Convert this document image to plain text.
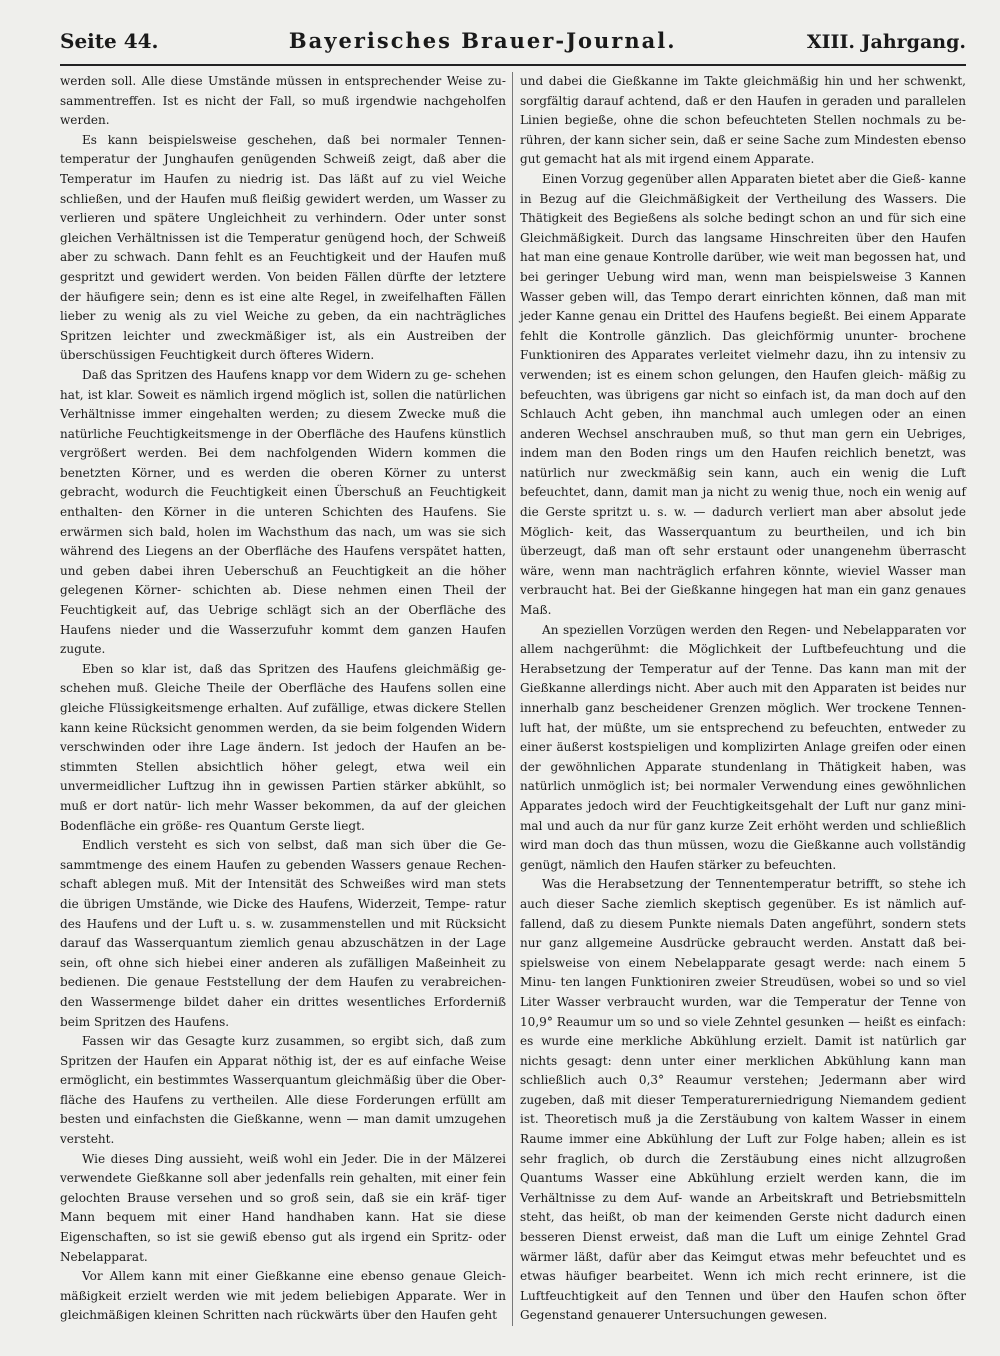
Seite 44.	Bayerisches Brauer-Journal.	XIII. Jahrgang.

werden soll. Alle diese Umstände müssen in entsprechender Weise zu- sammentreffen. Ist es nicht der Fall, so muß irgendwie nachgeholfen werden.

Es kann beispielsweise geschehen, daß bei normaler Tennen- temperatur der Junghaufen genügenden Schweiß zeigt, daß aber die Temperatur im Haufen zu niedrig ist. Das läßt auf zu viel Weiche schließen, und der Haufen muß fleißig gewidert werden, um Wasser zu verlieren und spätere Ungleichheit zu verhindern. Oder unter sonst gleichen Verhältnissen ist die Temperatur genügend hoch, der Schweiß aber zu schwach. Dann fehlt es an Feuchtigkeit und der Haufen muß gespritzt und gewidert werden. Von beiden Fällen dürfte der letztere der häufigere sein; denn es ist eine alte Regel, in zweifelhaften Fällen lieber zu wenig als zu viel Weiche zu geben, da ein nachträgliches Spritzen leichter und zweckmäßiger ist, als ein Austreiben der überschüssigen Feuchtigkeit durch öfteres Widern.

Daß das Spritzen des Haufens knapp vor dem Widern zu ge- schehen hat, ist klar. Soweit es nämlich irgend möglich ist, sollen die natürlichen Verhältnisse immer eingehalten werden; zu diesem Zwecke muß die natürliche Feuchtigkeitsmenge in der Oberfläche des Haufens künstlich vergrößert werden. Bei dem nachfolgenden Widern kommen die benetzten Körner, und es werden die oberen Körner zu unterst gebracht, wodurch die Feuchtigkeit einen Überschuß an Feuchtigkeit enthalten- den Körner in die unteren Schichten des Haufens. Sie erwärmen sich bald, holen im Wachsthum das nach, um was sie sich während des Liegens an der Oberfläche des Haufens verspätet hatten, und geben dabei ihren Ueberschuß an Feuchtigkeit an die höher gelegenen Körner- schichten ab. Diese nehmen einen Theil der Feuchtigkeit auf, das Uebrige schlägt sich an der Oberfläche des Haufens nieder und die Wasserzufuhr kommt dem ganzen Haufen zugute.

Eben so klar ist, daß das Spritzen des Haufens gleichmäßig ge- schehen muß. Gleiche Theile der Oberfläche des Haufens sollen eine gleiche Flüssigkeitsmenge erhalten. Auf zufällige, etwas dickere Stellen kann keine Rücksicht genommen werden, da sie beim folgenden Widern verschwinden oder ihre Lage ändern. Ist jedoch der Haufen an be- stimmten Stellen absichtlich höher gelegt, etwa weil ein unvermeidlicher Luftzug ihn in gewissen Partien stärker abkühlt, so muß er dort natür- lich mehr Wasser bekommen, da auf der gleichen Bodenfläche ein größe- res Quantum Gerste liegt.

Endlich versteht es sich von selbst, daß man sich über die Ge- sammtmenge des einem Haufen zu gebenden Wassers genaue Rechen- schaft ablegen muß. Mit der Intensität des Schweißes wird man stets die übrigen Umstände, wie Dicke des Haufens, Widerzeit, Tempe- ratur des Haufens und der Luft u. s. w. zusammenstellen und mit Rücksicht darauf das Wasserquantum ziemlich genau abzuschätzen in der Lage sein, oft ohne sich hiebei einer anderen als zufälligen Maßeinheit zu bedienen. Die genaue Feststellung der dem Haufen zu verabreichen- den Wassermenge bildet daher ein drittes wesentliches Erforderniß beim Spritzen des Haufens.

Fassen wir das Gesagte kurz zusammen, so ergibt sich, daß zum Spritzen der Haufen ein Apparat nöthig ist, der es auf einfache Weise ermöglicht, ein bestimmtes Wasserquantum gleichmäßig über die Ober- fläche des Haufens zu vertheilen. Alle diese Forderungen erfüllt am besten und einfachsten die Gießkanne, wenn — man damit umzugehen versteht.

Wie dieses Ding aussieht, weiß wohl ein Jeder. Die in der Mälzerei verwendete Gießkanne soll aber jedenfalls rein gehalten, mit einer fein gelochten Brause versehen und so groß sein, daß sie ein kräf- tiger Mann bequem mit einer Hand handhaben kann. Hat sie diese Eigenschaften, so ist sie gewiß ebenso gut als irgend ein Spritz- oder Nebelapparat.

Vor Allem kann mit einer Gießkanne eine ebenso genaue Gleich- mäßigkeit erzielt werden wie mit jedem beliebigen Apparate. Wer in gleichmäßigen kleinen Schritten nach rückwärts über den Haufen geht

und dabei die Gießkanne im Takte gleichmäßig hin und her schwenkt, sorgfältig darauf achtend, daß er den Haufen in geraden und parallelen Linien begieße, ohne die schon befeuchteten Stellen nochmals zu be- rühren, der kann sicher sein, daß er seine Sache zum Mindesten ebenso gut gemacht hat als mit irgend einem Apparate.

Einen Vorzug gegenüber allen Apparaten bietet aber die Gieß- kanne in Bezug auf die Gleichmäßigkeit der Vertheilung des Wassers. Die Thätigkeit des Begießens als solche bedingt schon an und für sich eine Gleichmäßigkeit. Durch das langsame Hinschreiten über den Haufen hat man eine genaue Kontrolle darüber, wie weit man begossen hat, und bei geringer Uebung wird man, wenn man beispielsweise 3 Kannen Wasser geben will, das Tempo derart einrichten können, daß man mit jeder Kanne genau ein Drittel des Haufens begießt. Bei einem Apparate fehlt die Kontrolle gänzlich. Das gleichförmig ununter- brochene Funktioniren des Apparates verleitet vielmehr dazu, ihn zu intensiv zu verwenden; ist es einem schon gelungen, den Haufen gleich- mäßig zu befeuchten, was übrigens gar nicht so einfach ist, da man doch auf den Schlauch Acht geben, ihn manchmal auch umlegen oder an einen anderen Wechsel anschrauben muß, so thut man gern ein Uebriges, indem man den Boden rings um den Haufen reichlich benetzt, was natürlich nur zweckmäßig sein kann, auch ein wenig die Luft befeuchtet, dann, damit man ja nicht zu wenig thue, noch ein wenig auf die Gerste spritzt u. s. w. — dadurch verliert man aber absolut jede Möglich- keit, das Wasserquantum zu beurtheilen, und ich bin überzeugt, daß man oft sehr erstaunt oder unangenehm überrascht wäre, wenn man nachträglich erfahren könnte, wieviel Wasser man verbraucht hat. Bei der Gießkanne hingegen hat man ein ganz genaues Maß.

An speziellen Vorzügen werden den Regen- und Nebelapparaten vor allem nachgerühmt: die Möglichkeit der Luftbefeuchtung und die Herabsetzung der Temperatur auf der Tenne. Das kann man mit der Gießkanne allerdings nicht. Aber auch mit den Apparaten ist beides nur innerhalb ganz bescheidener Grenzen möglich. Wer trockene Tennen- luft hat, der müßte, um sie entsprechend zu befeuchten, entweder zu einer äußerst kostspieligen und komplizirten Anlage greifen oder einen der gewöhnlichen Apparate stundenlang in Thätigkeit haben, was natürlich unmöglich ist; bei normaler Verwendung eines gewöhnlichen Apparates jedoch wird der Feuchtigkeitsgehalt der Luft nur ganz mini- mal und auch da nur für ganz kurze Zeit erhöht werden und schließlich wird man doch das thun müssen, wozu die Gießkanne auch vollständig genügt, nämlich den Haufen stärker zu befeuchten.

Was die Herabsetzung der Tennentemperatur betrifft, so stehe ich auch dieser Sache ziemlich skeptisch gegenüber. Es ist nämlich auf- fallend, daß zu diesem Punkte niemals Daten angeführt, sondern stets nur ganz allgemeine Ausdrücke gebraucht werden. Anstatt daß bei- spielsweise von einem Nebelapparate gesagt werde: nach einem 5 Minu- ten langen Funktioniren zweier Streudüsen, wobei so und so viel Liter Wasser verbraucht wurden, war die Temperatur der Tenne von 10,9° Reaumur um so und so viele Zehntel gesunken — heißt es einfach: es wurde eine merkliche Abkühlung erzielt. Damit ist natürlich gar nichts gesagt: denn unter einer merklichen Abkühlung kann man schließlich auch 0,3° Reaumur verstehen; Jedermann aber wird zugeben, daß mit dieser Temperaturerniedrigung Niemandem gedient ist. Theoretisch muß ja die Zerstäubung von kaltem Wasser in einem Raume immer eine Abkühlung der Luft zur Folge haben; allein es ist sehr fraglich, ob durch die Zerstäubung eines nicht allzugroßen Quantums Wasser eine Abkühlung erzielt werden kann, die im Verhältnisse zu dem Auf- wande an Arbeitskraft und Betriebsmitteln steht, das heißt, ob man der keimenden Gerste nicht dadurch einen besseren Dienst erweist, daß man die Luft um einige Zehntel Grad wärmer läßt, dafür aber das Keimgut etwas mehr befeuchtet und es etwas häufiger bearbeitet. Wenn ich mich recht erinnere, ist die Luftfeuchtigkeit auf den Tennen und über den Haufen schon öfter Gegenstand genauerer Untersuchungen gewesen.
